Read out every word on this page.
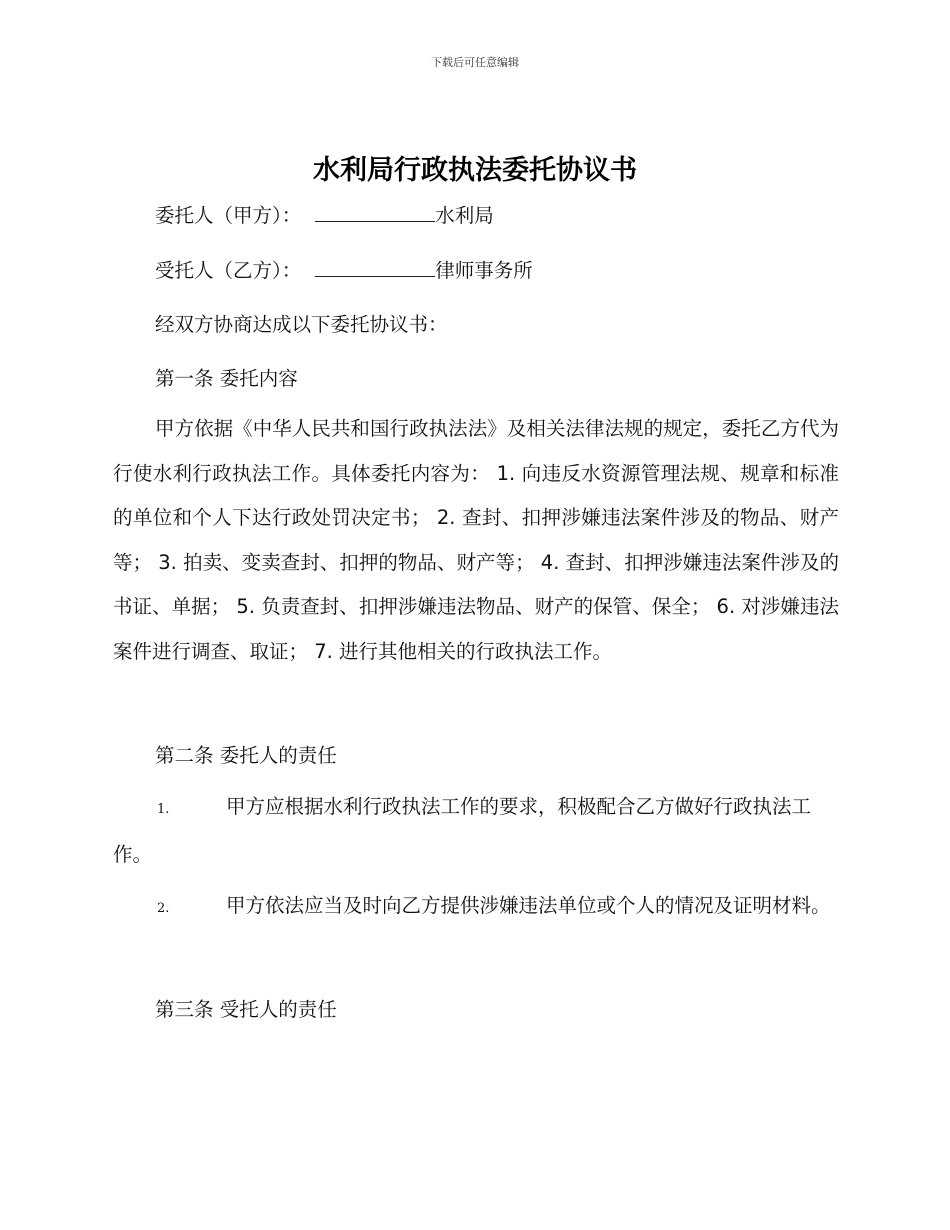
下载后可任意编辑
水利局行政执法委托协议书
委托人（甲方）：	水利局
受托人（乙方）：	律师事务所
经双方协商达成以下委托协议书：
第一条 委托内容
甲方依据《中华人民共和国行政执法法》及相关法律法规的规定，委托乙方代为行使水利行政执法工作。具体委托内容为： 1. 向违反水资源管理法规、规章和标准的单位和个人下达行政处罚决定书； 2. 查封、扣押涉嫌违法案件涉及的物品、财产等； 3. 拍卖、变卖查封、扣押的物品、财产等； 4. 查封、扣押涉嫌违法案件涉及的书证、单据； 5. 负责查封、扣押涉嫌违法物品、财产的保管、保全； 6. 对涉嫌违法案件进行调查、取证； 7. 进行其他相关的行政执法工作。
第二条 委托人的责任
1.	甲方应根据水利行政执法工作的要求，积极配合乙方做好行政执法工作。
2.	甲方依法应当及时向乙方提供涉嫌违法单位或个人的情况及证明材料。
第三条 受托人的责任
